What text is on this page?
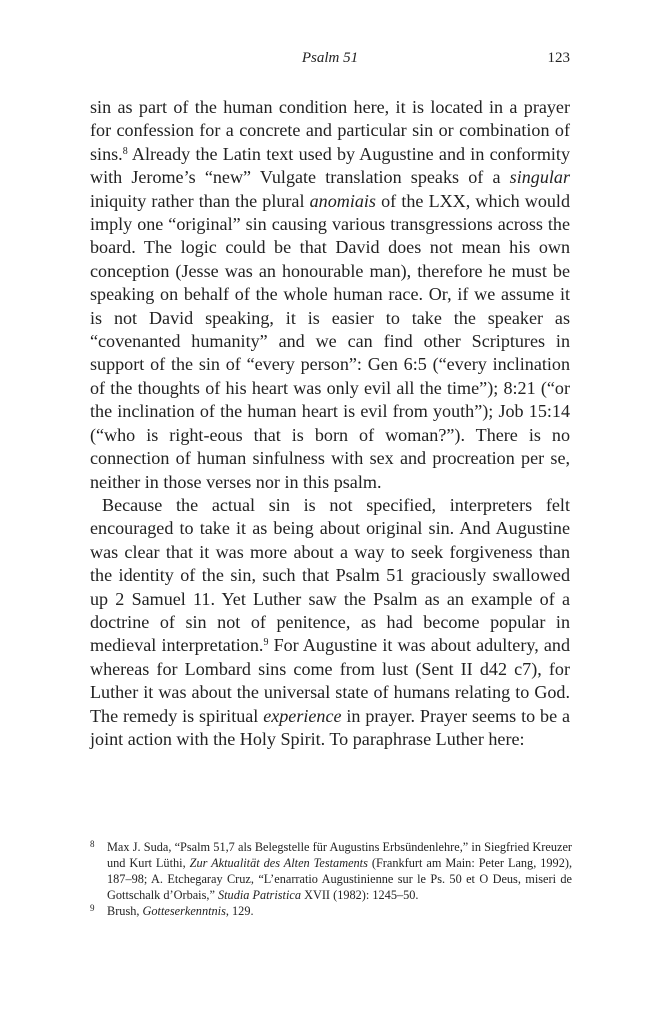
Psalm 51	123

sin as part of the human condition here, it is located in a prayer for confession for a concrete and particular sin or combination of sins.$^8$ Already the Latin text used by Augustine and in conformity with Jerome’s “new” Vulgate translation speaks of a singular iniquity rather than the plural anomiais of the LXX, which would imply one “original” sin causing various transgressions across the board. The logic could be that David does not mean his own conception (Jesse was an honourable man), therefore he must be speaking on behalf of the whole human race. Or, if we assume it is not David speaking, it is easier to take the speaker as “covenanted humanity” and we can find other Scriptures in support of the sin of “every person”: Gen 6:5 (“every inclination of the thoughts of his heart was only evil all the time”); 8:21 (“or the inclination of the human heart is evil from youth”); Job 15:14 (“who is right-eous that is born of woman?”). There is no connection of human sinfulness with sex and procreation per se, neither in those verses nor in this psalm.

Because the actual sin is not specified, interpreters felt encouraged to take it as being about original sin. And Augustine was clear that it was more about a way to seek forgiveness than the identity of the sin, such that Psalm 51 graciously swallowed up 2 Samuel 11. Yet Luther saw the Psalm as an example of a doctrine of sin not of penitence, as had become popular in medieval interpretation.$^9$ For Augustine it was about adultery, and whereas for Lombard sins come from lust (Sent II d42 c7), for Luther it was about the universal state of humans relating to God. The remedy is spiritual experience in prayer. Prayer seems to be a joint action with the Holy Spirit. To paraphrase Luther here:

8 Max J. Suda, “Psalm 51,7 als Belegstelle für Augustins Erbsündenlehre,” in Siegfried Kreuzer und Kurt Lüthi, Zur Aktualität des Alten Testaments (Frankfurt am Main: Peter Lang, 1992), 187–98; A. Etchegaray Cruz, “L’enarratio Augustinienne sur le Ps. 50 et O Deus, miseri de Gottschalk d’Orbais,” Studia Patristica XVII (1982): 1245–50.
9 Brush, Gotteserkenntnis, 129.
